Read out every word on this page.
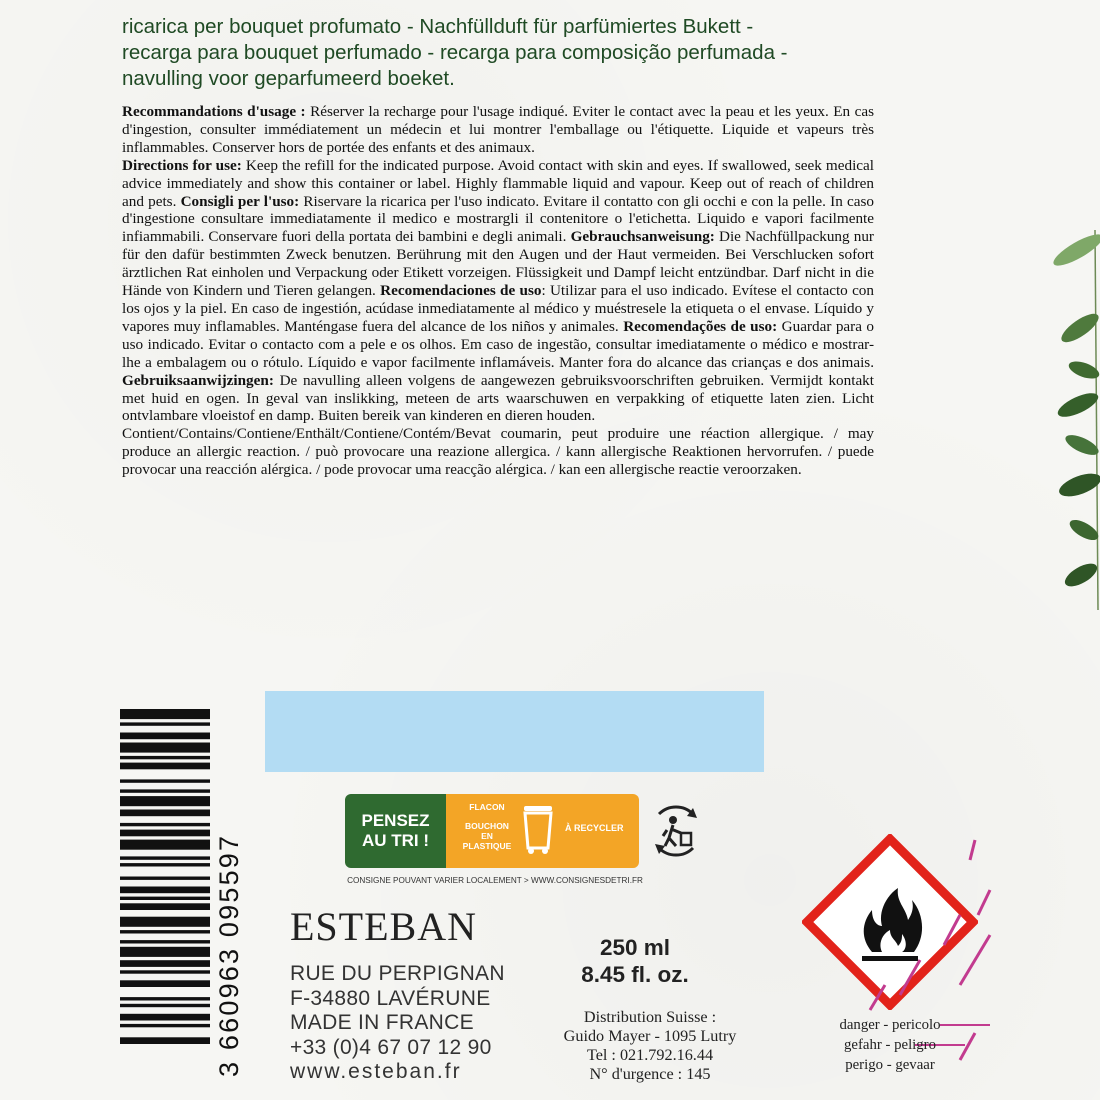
ricarica per bouquet profumato - Nachfüllduft für parfümiertes Bukett -
recarga para bouquet perfumado - recarga para composição perfumada -
navulling voor geparfumeerd boeket.
Recommandations d'usage : Réserver la recharge pour l'usage indiqué. Eviter le contact avec la peau et les yeux. En cas d'ingestion, consulter immédiatement un médecin et lui montrer l'emballage ou l'étiquette. Liquide et vapeurs très inflammables. Conserver hors de portée des enfants et des animaux.
Directions for use: Keep the refill for the indicated purpose. Avoid contact with skin and eyes. If swallowed, seek medical advice immediately and show this container or label. Highly flammable liquid and vapour. Keep out of reach of children and pets. Consigli per l'uso: Riservare la ricarica per l'uso indicato. Evitare il contatto con gli occhi e con la pelle. In caso d'ingestione consultare immediatamente il medico e mostrargli il contenitore o l'etichetta. Liquido e vapori facilmente infiammabili. Conservare fuori della portata dei bambini e degli animali. Gebrauchsanweisung: Die Nachfüllpackung nur für den dafür bestimmten Zweck benutzen. Berührung mit den Augen und der Haut vermeiden. Bei Verschlucken sofort ärztlichen Rat einholen und Verpackung oder Etikett vorzeigen. Flüssigkeit und Dampf leicht entzündbar. Darf nicht in die Hände von Kindern und Tieren gelangen. Recomendaciones de uso: Utilizar para el uso indicado. Evítese el contacto con los ojos y la piel. En caso de ingestión, acúdase inmediatamente al médico y muéstresele la etiqueta o el envase. Líquido y vapores muy inflamables. Manténgase fuera del alcance de los niños y animales. Recomendações de uso: Guardar para o uso indicado. Evitar o contacto com a pele e os olhos. Em caso de ingestão, consultar imediatamente o médico e mostrar-lhe a embalagem ou o rótulo. Líquido e vapor facilmente inflamáveis. Manter fora do alcance das crianças e dos animais. Gebruiksaanwijzingen: De navulling alleen volgens de aangewezen gebruiksvoorschriften gebruiken. Vermijdt kontakt met huid en ogen. In geval van inslikking, meteen de arts waarschuwen en verpakking of etiquette laten zien. Licht ontvlambare vloeistof en damp. Buiten bereik van kinderen en dieren houden.
Contient/Contains/Contiene/Enthält/Contiene/Contém/Bevat coumarin, peut produire une réaction allergique. / may produce an allergic reaction. / può provocare una reazione allergica. / kann allergische Reaktionen hervorrufen. / puede provocar una reacción alérgica. / pode provocar uma reacção alérgica. / kan een allergische reactie veroorzaken.
3 660963 095597
PENSEZ
AU TRI !
FLACON
BOUCHON
EN
PLASTIQUE
À RECYCLER
CONSIGNE POUVANT VARIER LOCALEMENT > WWW.CONSIGNESDETRI.FR
ESTEBAN
RUE DU PERPIGNAN
F-34880 LAVÉRUNE
MADE IN FRANCE
+33 (0)4 67 07 12 90
www.esteban.fr
250 ml
8.45 fl. oz.
Distribution Suisse :
Guido Mayer - 1095 Lutry
Tel : 021.792.16.44
N° d'urgence : 145
danger - pericolo
gefahr - peligro
perigo - gevaar
